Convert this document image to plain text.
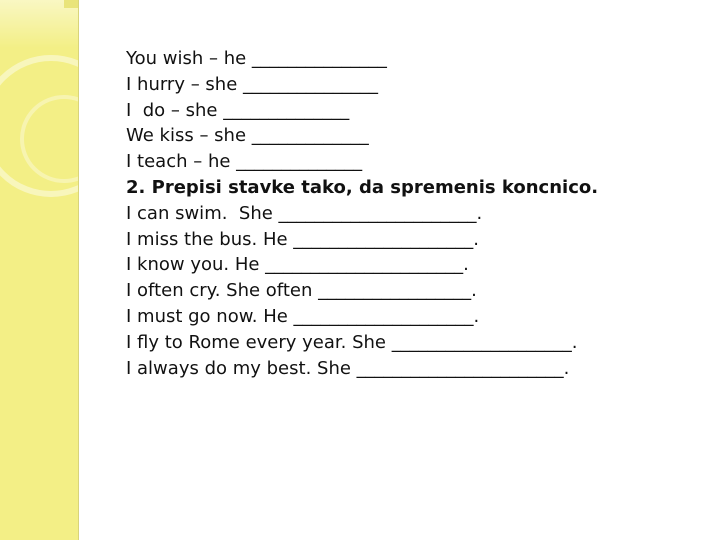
You wish – he _______________
I hurry – she _______________
I  do – she ______________
We kiss – she _____________
I teach – he ______________
2. Prepisi stavke tako, da spremenis koncnico.
I can swim.  She ______________________.
I miss the bus. He ____________________.
I know you. He ______________________.
I often cry. She often _________________.
I must go now. He ____________________.
I fly to Rome every year. She ____________________.
I always do my best. She _______________________.
